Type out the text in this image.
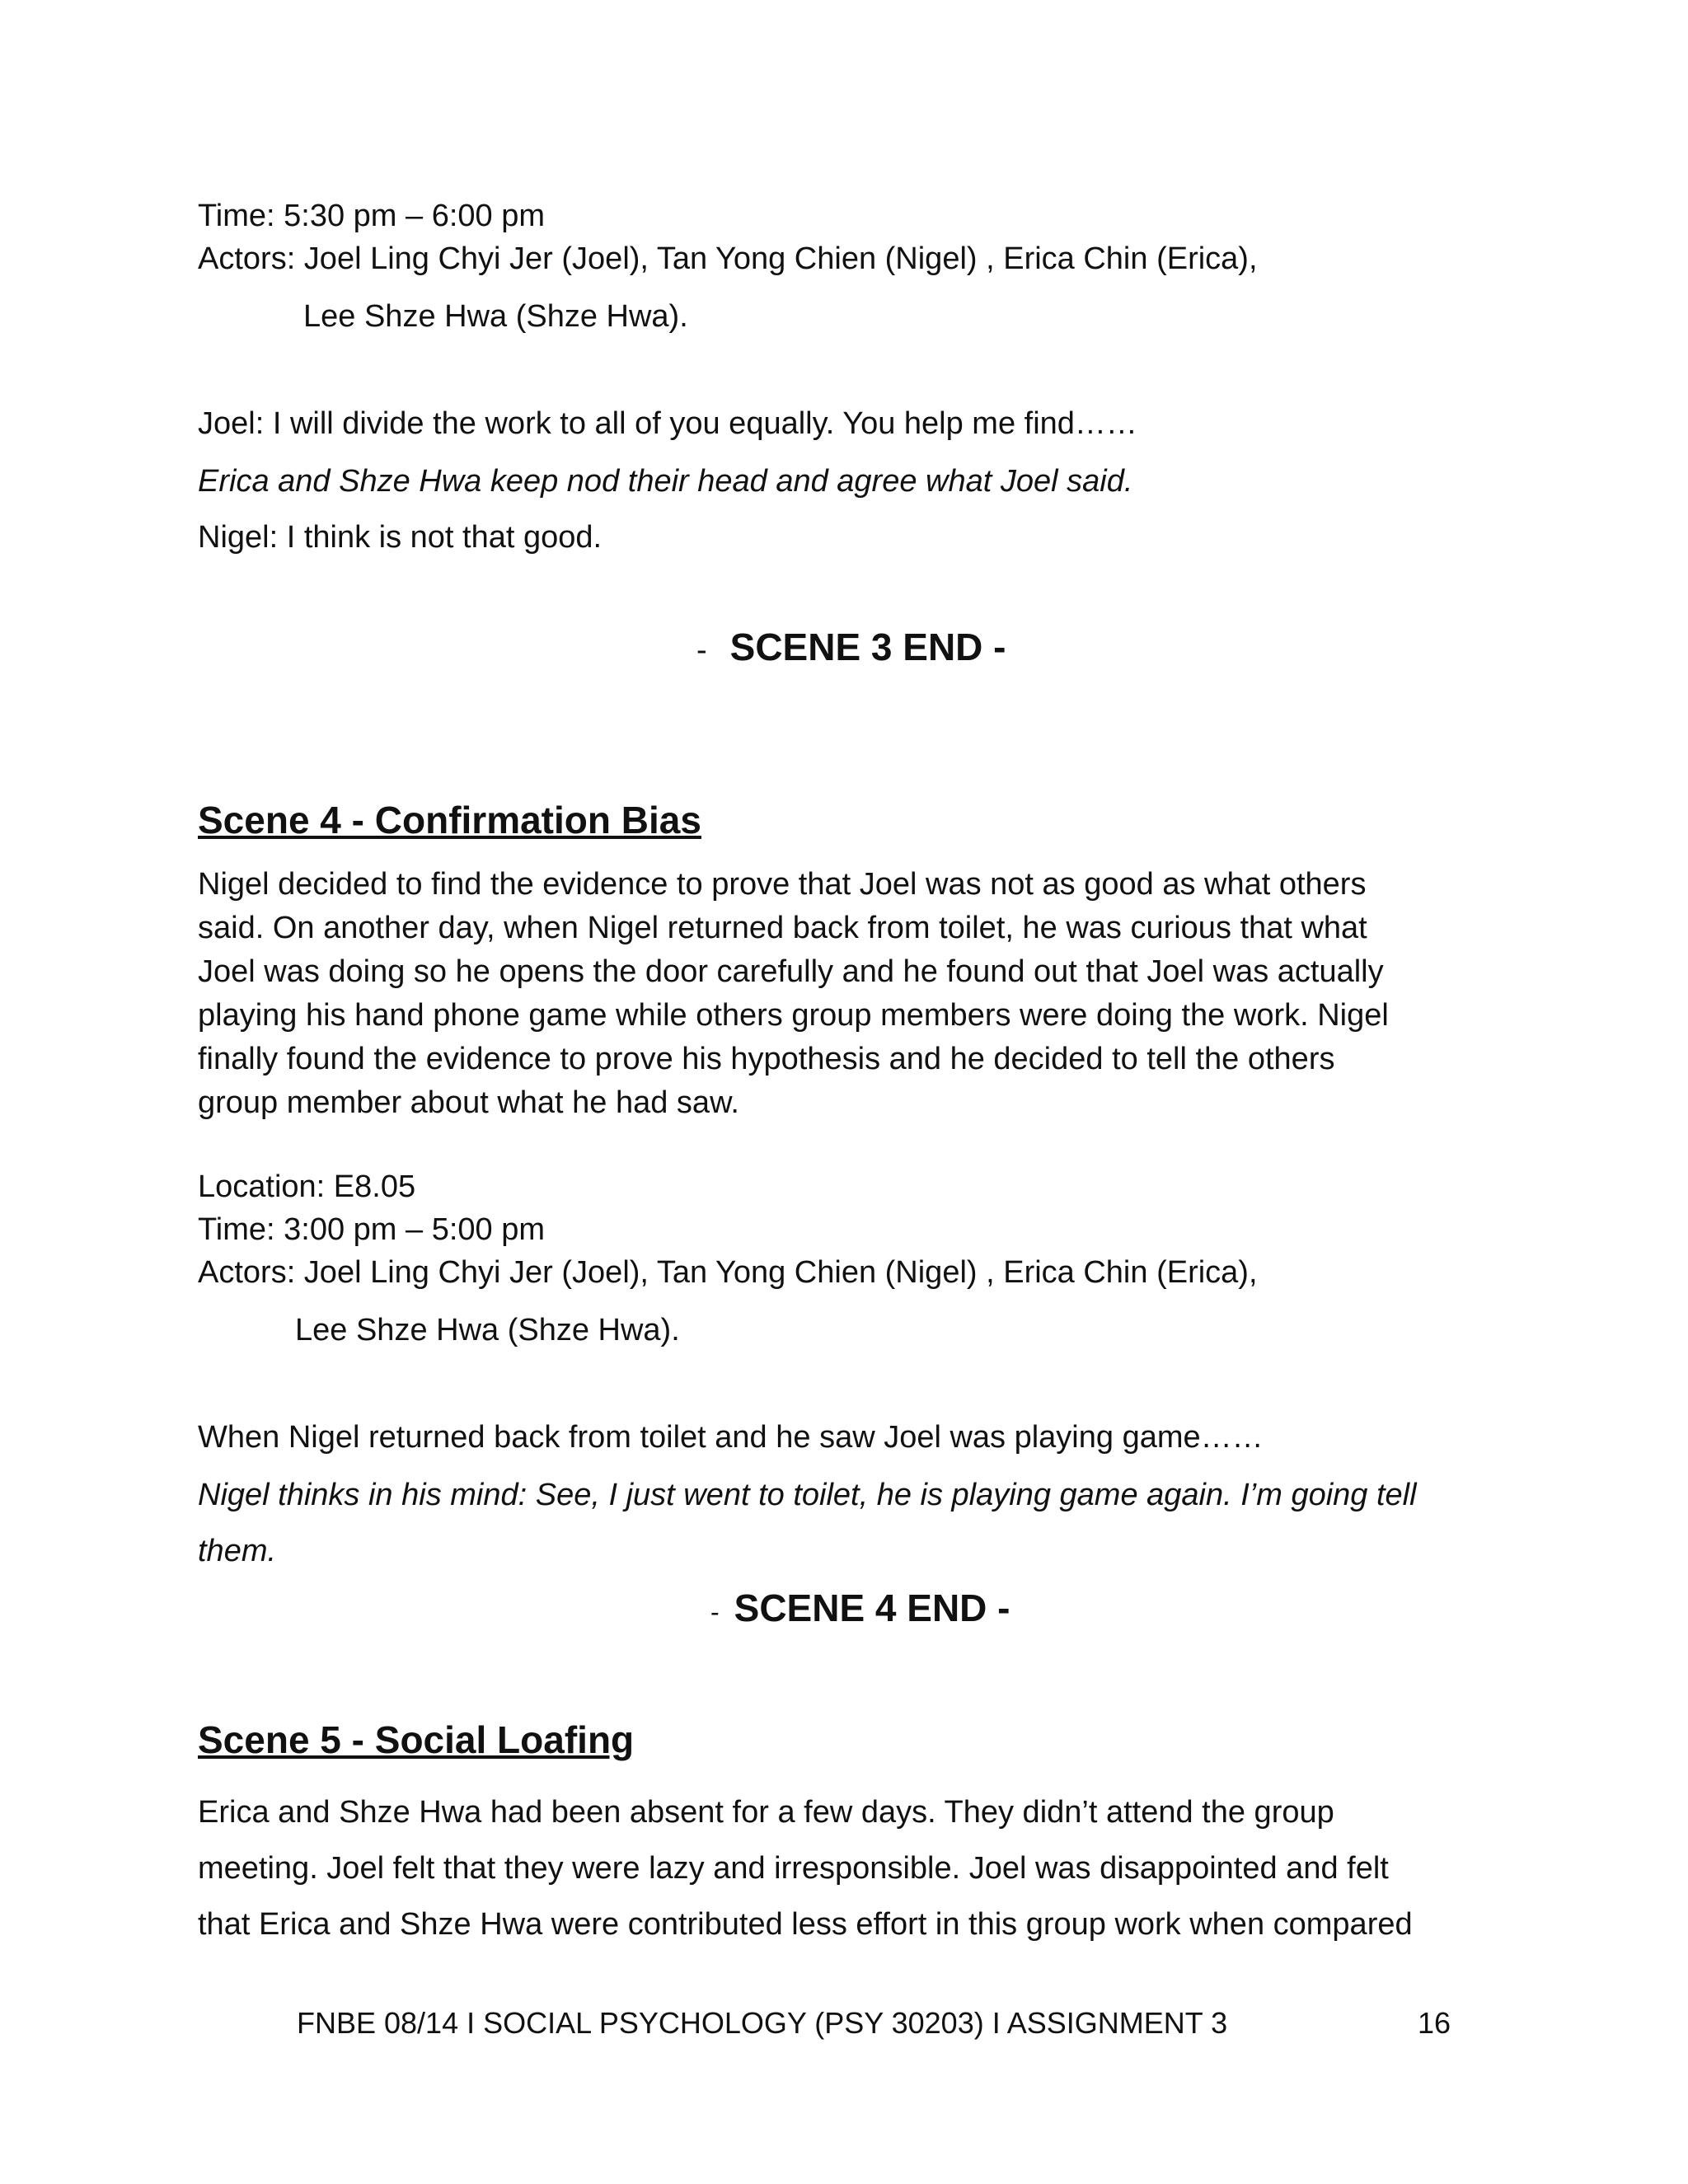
Time: 5:30 pm – 6:00 pm
Actors: Joel Ling Chyi Jer (Joel), Tan Yong Chien (Nigel) , Erica Chin (Erica),
Lee Shze Hwa (Shze Hwa).
Joel: I will divide the work to all of you equally. You help me find……
Erica and Shze Hwa keep nod their head and agree what Joel said.
Nigel: I think is not that good.
- SCENE 3 END -
Scene 4 - Confirmation Bias

Nigel decided to find the evidence to prove that Joel was not as good as what others

said. On another day, when Nigel returned back from toilet, he was curious that what

Joel was doing so he opens the door carefully and he found out that Joel was actually

playing his hand phone game while others group members were doing the work. Nigel

finally found the evidence to prove his hypothesis and he decided to tell the others

group member about what he had saw.

Location: E8.05
Time: 3:00 pm – 5:00 pm
Actors: Joel Ling Chyi Jer (Joel), Tan Yong Chien (Nigel) , Erica Chin (Erica),
Lee Shze Hwa (Shze Hwa).
When Nigel returned back from toilet and he saw Joel was playing game……
Nigel thinks in his mind: See, I just went to toilet, he is playing game again. I’m going tell
them.
- SCENE 4 END -
Scene 5 - Social Loafing

Erica and Shze Hwa had been absent for a few days. They didn’t attend the group

meeting. Joel felt that they were lazy and irresponsible. Joel was disappointed and felt

that Erica and Shze Hwa were contributed less effort in this group work when compared

FNBE 08/14 I SOCIAL PSYCHOLOGY (PSY 30203) I ASSIGNMENT 3	16
